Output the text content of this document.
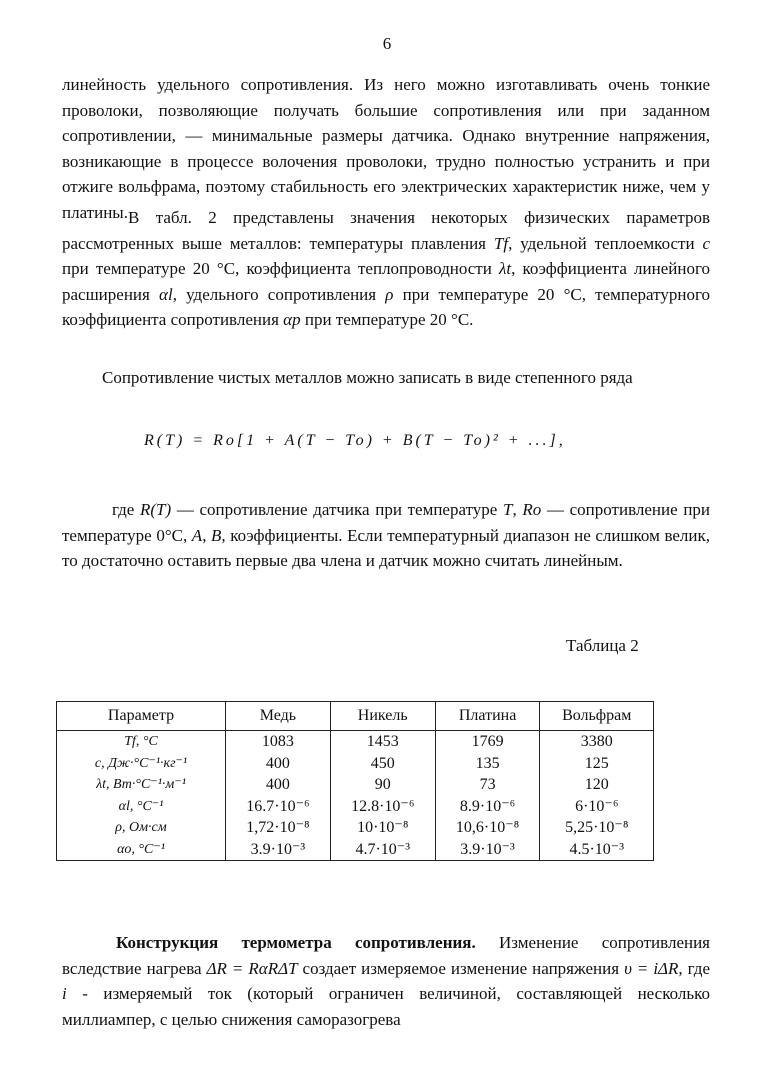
6

линейность удельного сопротивления. Из него можно изготавливать очень тонкие проволоки, позволяющие получать большие сопротивления или при заданном сопротивлении, — минимальные размеры датчика. Однако внутренние напряжения, возникающие в процессе волочения проволоки, трудно полностью устранить и при отжиге вольфрама, поэтому стабильность его электрических характеристик ниже, чем у платины. В табл. 2 представлены значения некоторых физических параметров рассмотренных выше металлов: температуры плавления Tf, удельной теплоемкости c при температуре 20 °С, коэффициента теплопроводности λt, коэффициента линейного расширения αl, удельного сопротивления ρ при температуре 20 °С, температурного коэффициента сопротивления αр при температуре 20 °С.

Сопротивление чистых металлов можно записать в виде степенного ряда

R(T) = Ro[1 + A(T − To) + B(T − To)² + ...],

где R(T) — сопротивление датчика при температуре T, Ro — сопротивление при температуре 0°С, A, B, коэффициенты. Если температурный диапазон не слишком велик, то достаточно оставить первые два члена и датчик можно считать линейным.

Таблица 2
Параметр	Медь	Никель	Платина	Вольфрам
Tf, °C	1083	1453	1769	3380
c, Дж·°C⁻¹·кг⁻¹	400	450	135	125
λt, Вт·°C⁻¹·м⁻¹	400	90	73	120
αl, °C⁻¹	16.7·10⁻⁶	12.8·10⁻⁶	8.9·10⁻⁶	6·10⁻⁶
ρ, Ом·см	1,72·10⁻⁸	10·10⁻⁸	10,6·10⁻⁸	5,25·10⁻⁸
αo, °C⁻¹	3.9·10⁻³	4.7·10⁻³	3.9·10⁻³	4.5·10⁻³

Конструкция термометра сопротивления. Изменение сопротивления вследствие нагрева ΔR = RαRΔT создает измеряемое изменение напряжения υ = iΔR, где i - измеряемый ток (который ограничен величиной, составляющей несколько миллиампер, с целью снижения саморазогрева
